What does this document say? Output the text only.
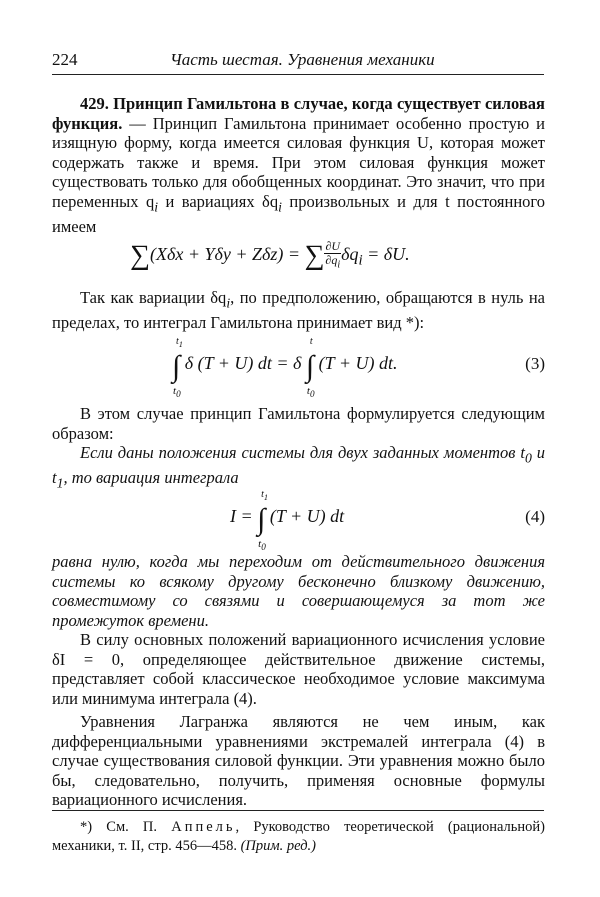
224	Часть шестая. Уравнения механики

429. Принцип Гамильтона в случае, когда существует силовая функция. — Принцип Гамильтона принимает особенно простую и изящную форму, когда имеется силовая функция U, которая может содержать также и время. При этом силовая функция может существовать только для обобщенных координат. Это значит, что при переменных $q_i$ и вариациях $\delta q_i$ произвольных и для t постоянного имеем

∑(Xδx + Yδy + Zδz) = ∑ $\frac{\partial U}{\partial q_i} \delta q_i = \delta U$.

Так как вариации $\delta q_i$, по предположению, обращаются в нуль на пределах, то интеграл Гамильтона принимает вид *):

∫
$t_1$
$t_0$
δ (T + U) dt = δ ∫
t
$t_0$
(T + U) dt.	(3)

В этом случае принцип Гамильтона формулируется следующим образом:

Если даны положения системы для двух заданных моментов $t_0$ и $t_1$, то вариация интеграла

I = ∫
$t_1$
$t_0$
(T + U) dt	(4)

равна нулю, когда мы переходим от действительного движения системы ко всякому другому бесконечно близкому движению, совместимому со связями и совершающемуся за тот же промежуток времени.

В силу основных положений вариационного исчисления условие δI = 0, определяющее действительное движение системы, представляет собой классическое необходимое условие максимума или минимума интеграла (4).

Уравнения Лагранжа являются не чем иным, как дифференциальными уравнениями экстремалей интеграла (4) в случае существования силовой функции. Эти уравнения можно было бы, следовательно, получить, применяя основные формулы вариационного исчисления.

*) См. П. Аппель, Руководство теоретической (рациональной) механики, т. II, стр. 456—458. (Прим. ред.)
